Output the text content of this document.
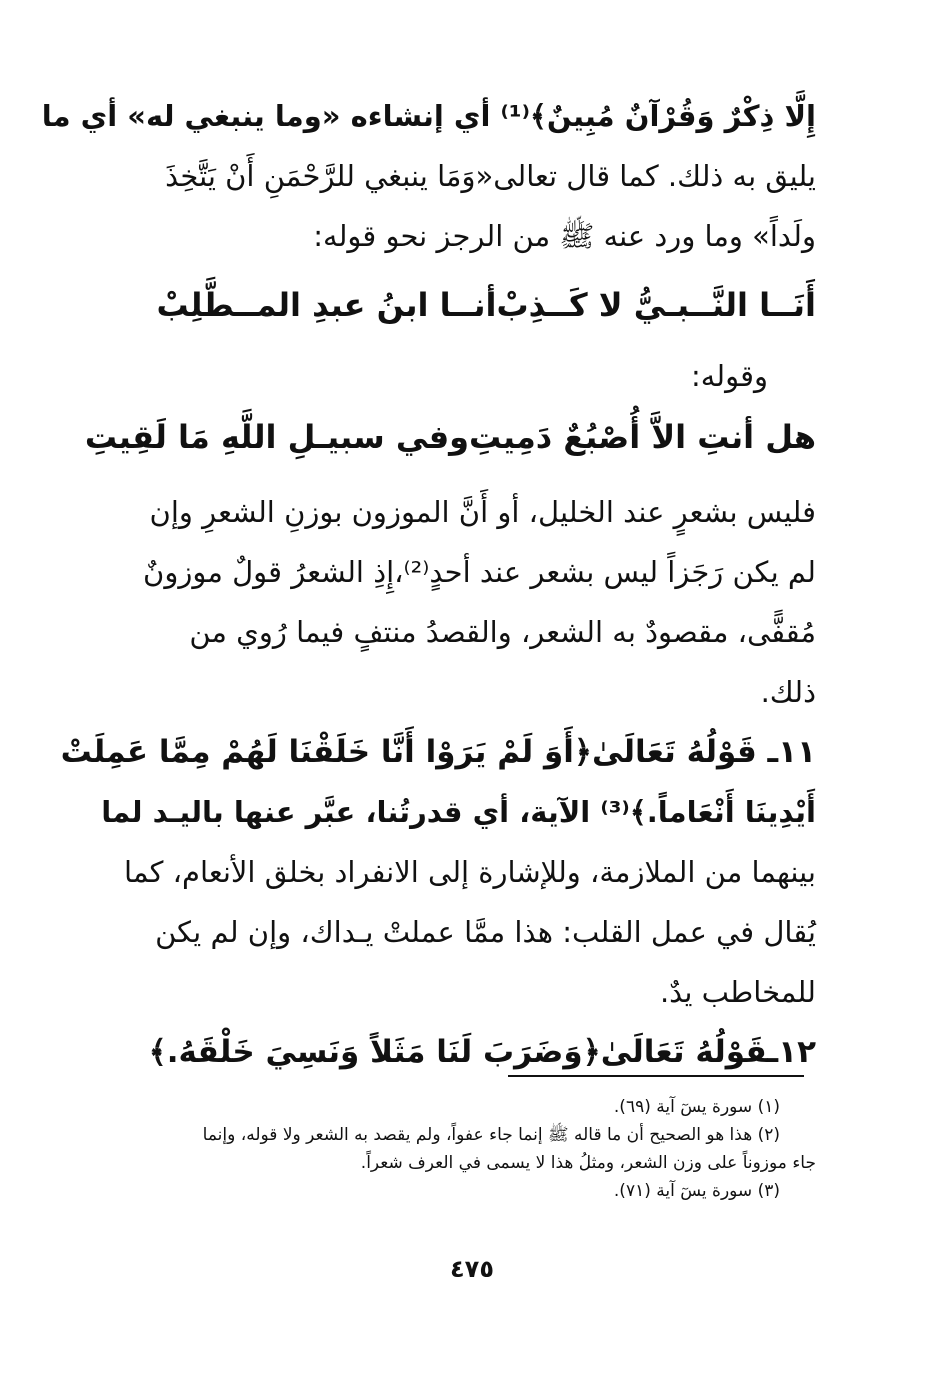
إِلَّا ذِكْرٌ وَقُرْآنٌ مُبِينٌ﴾⁽¹⁾ أي إنشاءه «وما ينبغي له» أي ما
يليق به ذلك. كما قال تعالى«وَمَا ينبغي للرَّحْمَنِ أَنْ يَتَّخِذَ
ولَداً» وما ورد عنه ﷺ من الرجز نحو قوله:
أَنَــا النَّــبـيُّ لا كَــذِبْ
أنــا ابنُ عبدِ المــطَّلِبْ
وقوله:
هل أنتِ الاَّ أُصْبُعٌ دَمِيتِ
وفي سبيـلِ اللَّهِ مَا لَقِيتِ
فليس بشعرٍ عند الخليل، أو أَنَّ الموزون بوزنِ الشعرِ وإن
لم يكن رَجَزاً ليس بشعر عند أحدٍ⁽²⁾،إِذِ الشعرُ قولٌ موزونٌ
مُقفًّى، مقصودٌ به الشعر، والقصدُ منتفٍ فيما رُوي من
ذلك.
١١ـ قَوْلُهُ تَعَالَىٰ﴿أَوَ لَمْ يَرَوْا أَنَّا خَلَقْنَا لَهُمْ مِمَّا عَمِلَتْ
أَيْدِينَا أَنْعَاماً.﴾⁽³⁾ الآية، أي قدرتُنا، عبَّر عنها باليـد لما
بينهما من الملازمة، وللإشارة إلى الانفراد بخلق الأنعام، كما
يُقال في عمل القلب: هذا ممَّا عملتْ يـداك، وإن لم يكن
للمخاطب يدٌ.
١٢ـقَوْلُهُ تَعَالَىٰ﴿وَضَرَبَ لَنَا مَثَلاً وَنَسِيَ خَلْقَهُ.﴾
(١) سورة يسٓ آية (٦٩).
(٢) هذا هو الصحيح أن ما قاله ﷺ إنما جاء عفواً، ولم يقصد به الشعر ولا قوله، وإنما
جاء موزوناً على وزن الشعر، ومثلُ هذا لا يسمى في العرف شعراً.
(٣) سورة يسٓ آية (٧١).
٤٧٥
